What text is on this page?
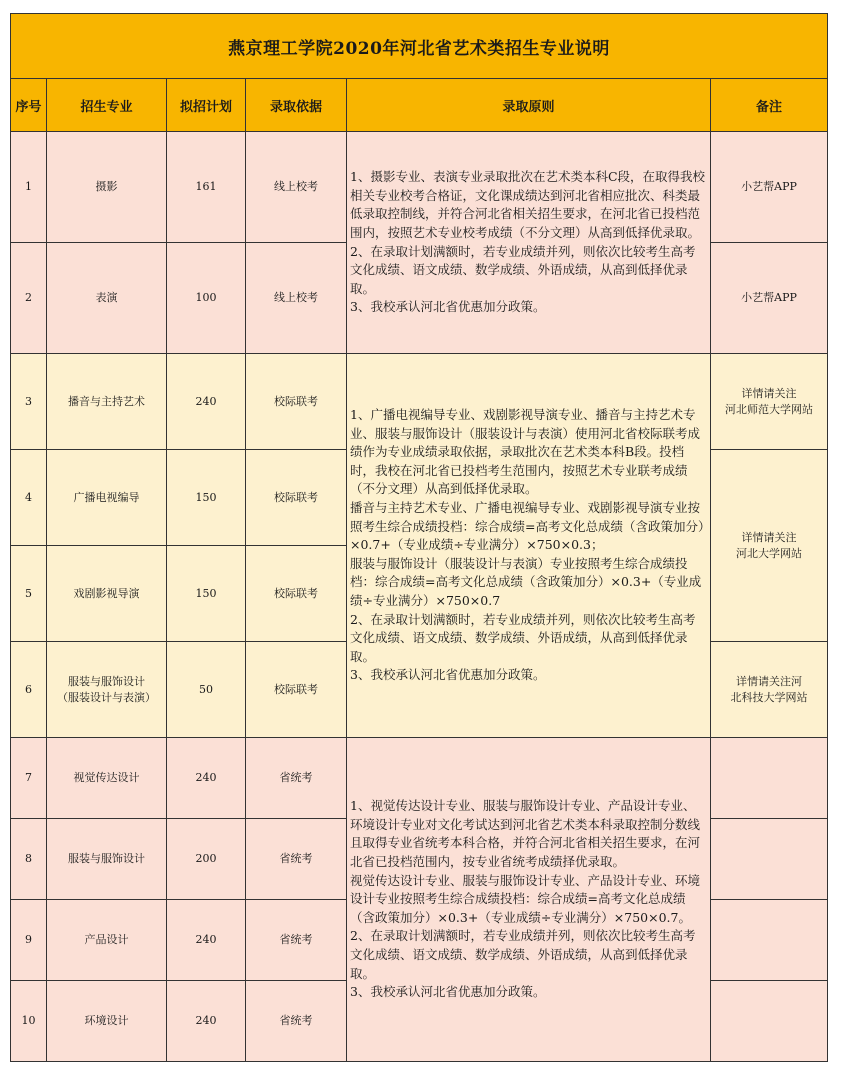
燕京理工学院2020年河北省艺术类招生专业说明					
序号	招生专业	拟招计划	录取依据	录取原则	备注
1	摄影	161	线上校考	1、摄影专业、表演专业录取批次在艺术类本科C段，在取得我校相关专业校考合格证，文化课成绩达到河北省相应批次、科类最低录取控制线，并符合河北省相关招生要求，在河北省已投档范围内，按照艺术专业校考成绩（不分文理）从高到低择优录取。
2、在录取计划满额时，若专业成绩并列，则依次比较考生高考文化成绩、语文成绩、数学成绩、外语成绩，从高到低择优录取。
3、我校承认河北省优惠加分政策。	小艺帮APP
2	表演	100	线上校考		小艺帮APP
3	播音与主持艺术	240	校际联考	1、广播电视编导专业、戏剧影视导演专业、播音与主持艺术专业、服装与服饰设计（服装设计与表演）使用河北省校际联考成绩作为专业成绩录取依据，录取批次在艺术类本科B段。投档时，我校在河北省已投档考生范围内，按照艺术专业联考成绩（不分文理）从高到低择优录取。
播音与主持艺术专业、广播电视编导专业、戏剧影视导演专业按照考生综合成绩投档：综合成绩=高考文化总成绩（含政策加分）×0.7+（专业成绩÷专业满分）×750×0.3；
服装与服饰设计（服装设计与表演）专业按照考生综合成绩投档：综合成绩=高考文化总成绩（含政策加分）×0.3+（专业成绩÷专业满分）×750×0.7
2、在录取计划满额时，若专业成绩并列，则依次比较考生高考文化成绩、语文成绩、数学成绩、外语成绩，从高到低择优录取。
3、我校承认河北省优惠加分政策。	详情请关注
河北师范大学网站
4	广播电视编导	150	校际联考		详情请关注
河北大学网站
5	戏剧影视导演	150	校际联考		
6	服装与服饰设计
（服装设计与表演）	50	校际联考		详情请关注河
北科技大学网站
7	视觉传达设计	240	省统考	1、视觉传达设计专业、服装与服饰设计专业、产品设计专业、环境设计专业对文化考试达到河北省艺术类本科录取控制分数线且取得专业省统考本科合格，并符合河北省相关招生要求，在河北省已投档范围内，按专业省统考成绩择优录取。
视觉传达设计专业、服装与服饰设计专业、产品设计专业、环境设计专业按照考生综合成绩投档：综合成绩=高考文化总成绩（含政策加分）×0.3+（专业成绩÷专业满分）×750×0.7。
2、在录取计划满额时，若专业成绩并列，则依次比较考生高考文化成绩、语文成绩、数学成绩、外语成绩，从高到低择优录取。
3、我校承认河北省优惠加分政策。	

8	服装与服饰设计	200	省统考		
9	产品设计	240	省统考		
10	环境设计	240	省统考		
